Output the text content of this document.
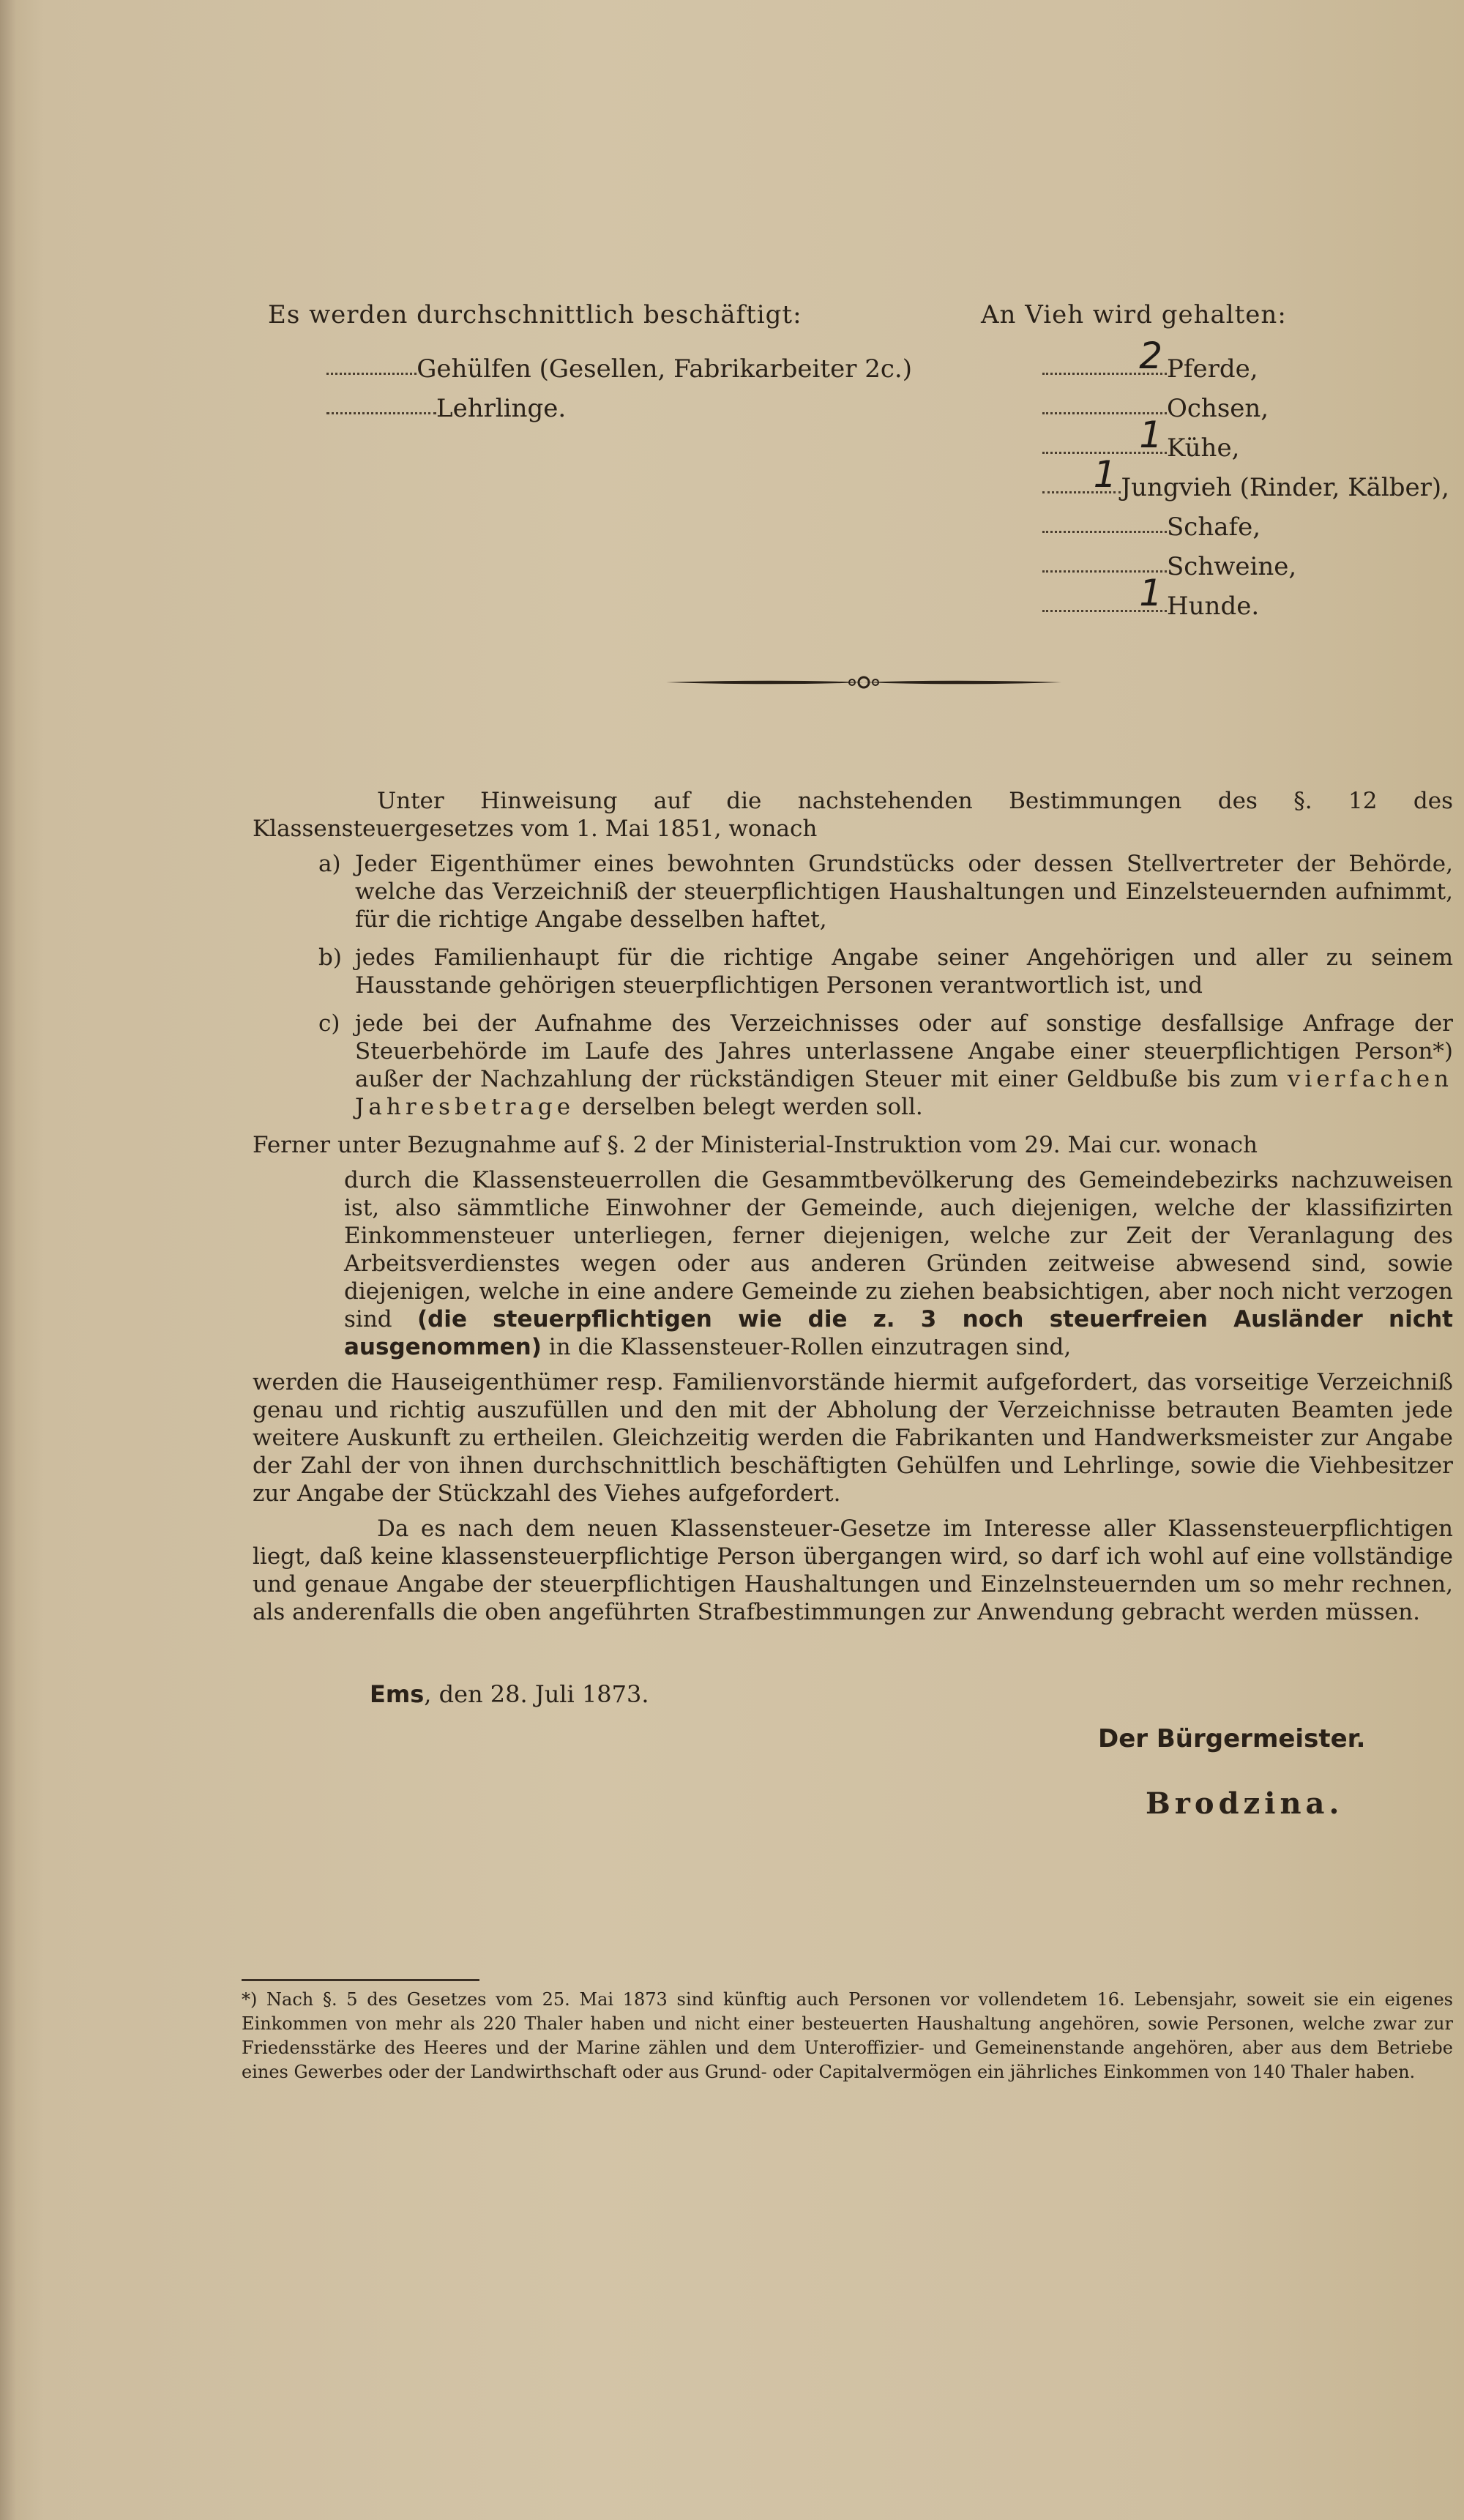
Es werden durchschnittlich beschäftigt:
Gehülfen (Gesellen, Fabrikarbeiter 2c.)
Lehrlinge.
An Vieh wird gehalten:
2 Pferde,
Ochsen,
1 Kühe,
1 Jungvieh (Rinder, Kälber),
Schafe,
Schweine,
1 Hunde.

Unter Hinweisung auf die nachstehenden Bestimmungen des §. 12 des Klassensteuergesetzes vom 1. Mai 1851, wonach

a) Jeder Eigenthümer eines bewohnten Grundstücks oder dessen Stellvertreter der Behörde, welche das Verzeichniß der steuerpflichtigen Haushaltungen und Einzelsteuernden aufnimmt, für die richtige Angabe desselben haftet,
b) jedes Familienhaupt für die richtige Angabe seiner Angehörigen und aller zu seinem Hausstande gehörigen steuerpflichtigen Personen verantwortlich ist, und
c) jede bei der Aufnahme des Verzeichnisses oder auf sonstige desfallsige Anfrage der Steuerbehörde im Laufe des Jahres unterlassene Angabe einer steuerpflichtigen Person*) außer der Nachzahlung der rückständigen Steuer mit einer Geldbuße bis zum vierfachen Jahresbetrage derselben belegt werden soll.

Ferner unter Bezugnahme auf §. 2 der Ministerial-Instruktion vom 29. Mai cur. wonach

durch die Klassensteuerrollen die Gesammtbevölkerung des Gemeindebezirks nachzuweisen ist, also sämmtliche Einwohner der Gemeinde, auch diejenigen, welche der klassifizirten Einkommensteuer unterliegen, ferner diejenigen, welche zur Zeit der Veranlagung des Arbeitsverdienstes wegen oder aus anderen Gründen zeitweise abwesend sind, sowie diejenigen, welche in eine andere Gemeinde zu ziehen beabsichtigen, aber noch nicht verzogen sind (die steuerpflichtigen wie die z. 3 noch steuerfreien Ausländer nicht ausgenommen) in die Klassensteuer-Rollen einzutragen sind,

werden die Hauseigenthümer resp. Familienvorstände hiermit aufgefordert, das vorseitige Verzeichniß genau und richtig auszufüllen und den mit der Abholung der Verzeichnisse betrauten Beamten jede weitere Auskunft zu ertheilen. Gleichzeitig werden die Fabrikanten und Handwerksmeister zur Angabe der Zahl der von ihnen durchschnittlich beschäftigten Gehülfen und Lehrlinge, sowie die Viehbesitzer zur Angabe der Stückzahl des Viehes aufgefordert.

Da es nach dem neuen Klassensteuer-Gesetze im Interesse aller Klassensteuerpflichtigen liegt, daß keine klassensteuerpflichtige Person übergangen wird, so darf ich wohl auf eine vollständige und genaue Angabe der steuerpflichtigen Haushaltungen und Einzelnsteuernden um so mehr rechnen, als anderenfalls die oben angeführten Strafbestimmungen zur Anwendung gebracht werden müssen.

Ems, den 28. Juli 1873.
Der Bürgermeister.
Brodzina.

*) Nach §. 5 des Gesetzes vom 25. Mai 1873 sind künftig auch Personen vor vollendetem 16. Lebensjahr, soweit sie ein eigenes Einkommen von mehr als 220 Thaler haben und nicht einer besteuerten Haushaltung angehören, sowie Personen, welche zwar zur Friedensstärke des Heeres und der Marine zählen und dem Unteroffizier- und Gemeinenstande angehören, aber aus dem Betriebe eines Gewerbes oder der Landwirthschaft oder aus Grund- oder Capitalvermögen ein jährliches Einkommen von 140 Thaler haben.
